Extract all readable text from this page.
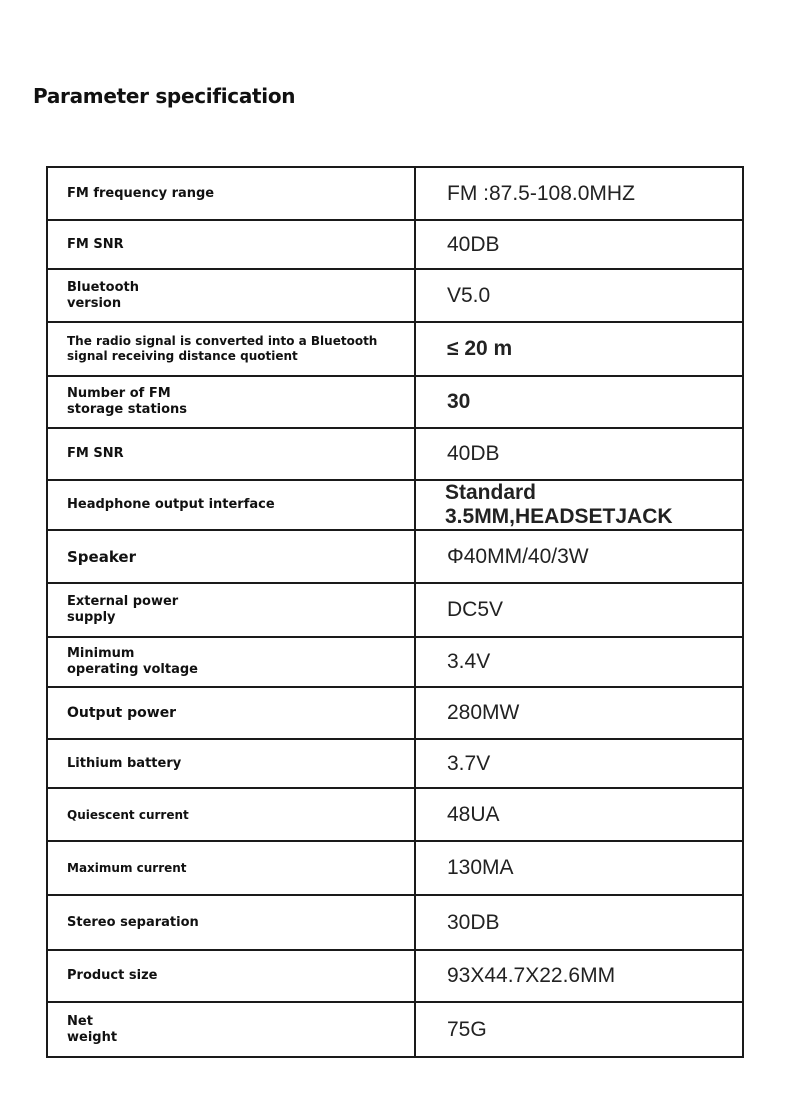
Parameter specification
FM frequency range	FM :87.5-108.0MHZ
FM SNR	40DB

Bluetooth version	V5.0

The radio signal is converted into a Bluetooth signal receiving distance quotient	≤ 20 m

Number of FM storage stations	30
FM SNR	40DB
Headphone output interface	Standard 3.5MM,HEADSETJACK
Speaker	Φ40MM/40/3W

External power supply	DC5V

Minimum operating voltage	3.4V
Output power	280MW
Lithium battery	3.7V
Quiescent current	48UA
Maximum current	130MA
Stereo separation	30DB
Product size	93X44.7X22.6MM

Net weight	75G
